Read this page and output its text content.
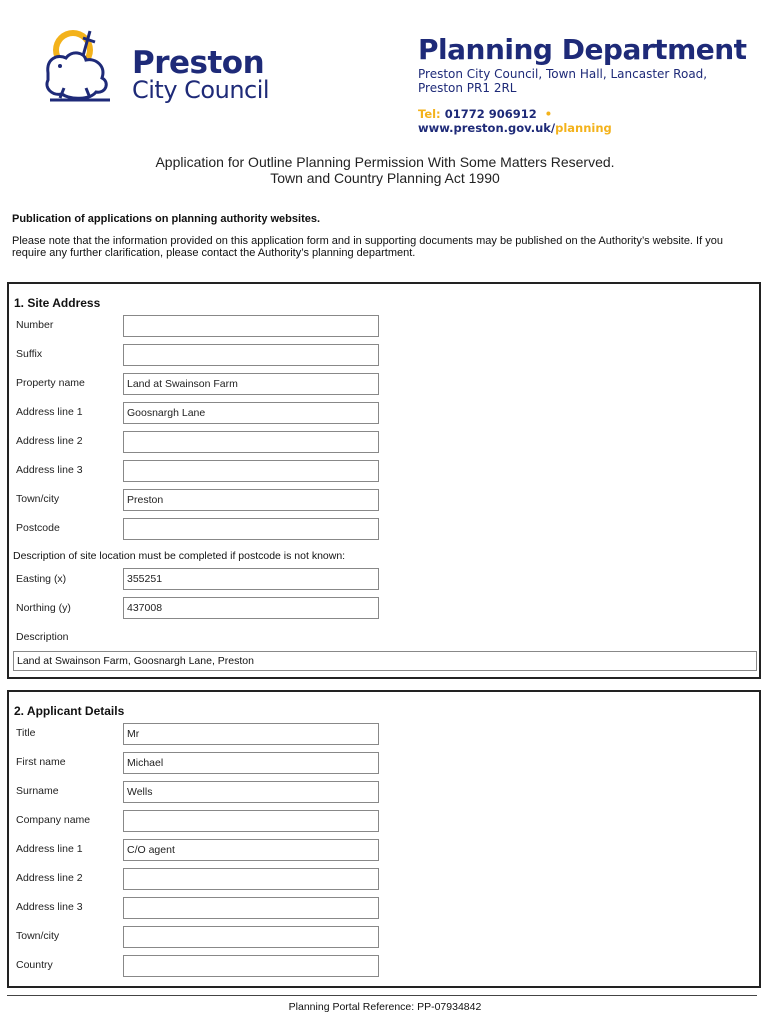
Preston
City Council
Planning Department
Preston City Council, Town Hall, Lancaster Road, Preston PR1 2RL
Tel: 01772 906912 •  www.preston.gov.uk/planning
Application for Outline Planning Permission With Some Matters Reserved.
Town and Country Planning Act 1990
Publication of applications on planning authority websites.
Please note that the information provided on this application form and in supporting documents may be published on the Authority’s website. If you require any further clarification, please contact the Authority’s planning department.
1. Site Address
Number
Suffix
Property name	Land at Swainson Farm
Address line 1	Goosnargh Lane
Address line 2
Address line 3
Town/city	Preston
Postcode
Description of site location must be completed if postcode is not known:
Easting (x)	355251
Northing (y)	437008
Description
Land at Swainson Farm, Goosnargh Lane, Preston
2. Applicant Details
Title	Mr
First name	Michael
Surname	Wells
Company name
Address line 1	C/O agent
Address line 2
Address line 3
Town/city
Country
Planning Portal Reference: PP-07934842
